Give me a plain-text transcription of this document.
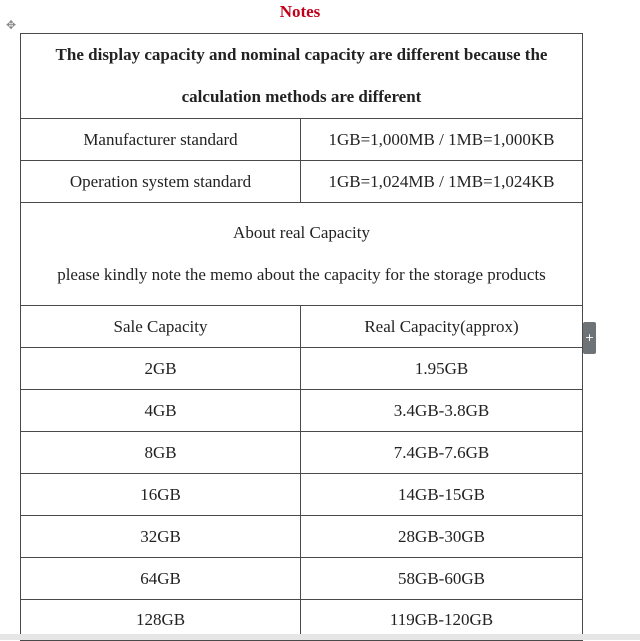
Notes
✥
The display capacity and nominal capacity are different because the
calculation methods are different	

Manufacturer standard	1GB=1,000MB / 1MB=1,000KB
Operation system standard	1GB=1,024MB / 1MB=1,024KB

About real Capacity
please kindly note the memo about the capacity for the storage products	

Sale Capacity	Real Capacity(approx)
2GB	1.95GB
4GB	3.4GB-3.8GB
8GB	7.4GB-7.6GB
16GB	14GB-15GB
32GB	28GB-30GB
64GB	58GB-60GB
128GB	119GB-120GB
+
